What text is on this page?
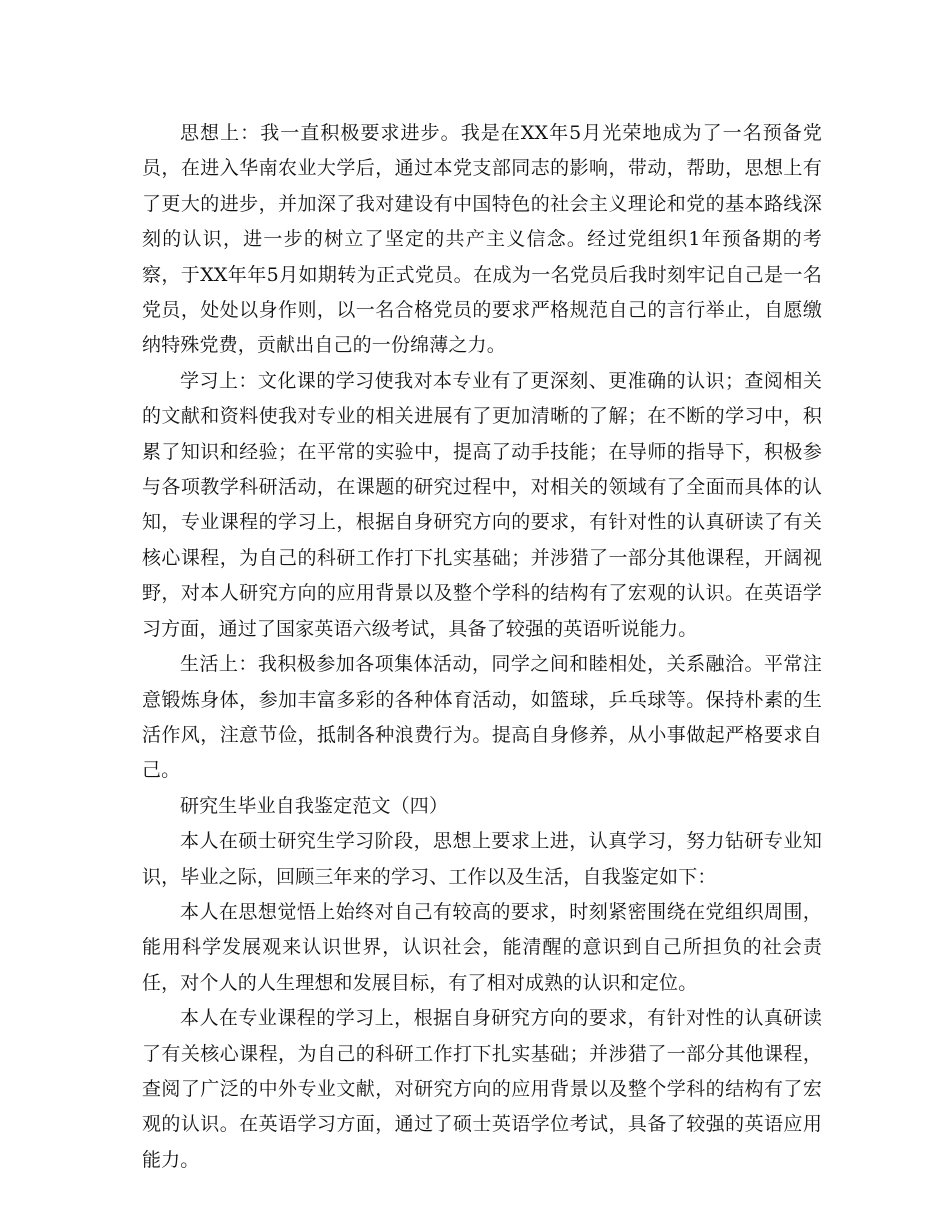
思想上：我一直积极要求进步。我是在XX年5月光荣地成为了一名预备党员，在进入华南农业大学后，通过本党支部同志的影响，带动，帮助，思想上有了更大的进步，并加深了我对建设有中国特色的社会主义理论和党的基本路线深刻的认识，进一步的树立了坚定的共产主义信念。经过党组织1年预备期的考察，于XX年年5月如期转为正式党员。在成为一名党员后我时刻牢记自己是一名党员，处处以身作则，以一名合格党员的要求严格规范自己的言行举止，自愿缴纳特殊党费，贡献出自己的一份绵薄之力。

学习上：文化课的学习使我对本专业有了更深刻、更准确的认识；查阅相关的文献和资料使我对专业的相关进展有了更加清晰的了解；在不断的学习中，积累了知识和经验；在平常的实验中，提高了动手技能；在导师的指导下，积极参与各项教学科研活动，在课题的研究过程中，对相关的领域有了全面而具体的认知，专业课程的学习上，根据自身研究方向的要求，有针对性的认真研读了有关核心课程，为自己的科研工作打下扎实基础；并涉猎了一部分其他课程，开阔视野，对本人研究方向的应用背景以及整个学科的结构有了宏观的认识。在英语学习方面，通过了国家英语六级考试，具备了较强的英语听说能力。

生活上：我积极参加各项集体活动，同学之间和睦相处，关系融洽。平常注意锻炼身体，参加丰富多彩的各种体育活动，如篮球，乒乓球等。保持朴素的生活作风，注意节俭，抵制各种浪费行为。提高自身修养，从小事做起严格要求自己。

研究生毕业自我鉴定范文（四）

本人在硕士研究生学习阶段，思想上要求上进，认真学习，努力钻研专业知识，毕业之际，回顾三年来的学习、工作以及生活，自我鉴定如下：

本人在思想觉悟上始终对自己有较高的要求，时刻紧密围绕在党组织周围，能用科学发展观来认识世界，认识社会，能清醒的意识到自己所担负的社会责任，对个人的人生理想和发展目标，有了相对成熟的认识和定位。

本人在专业课程的学习上，根据自身研究方向的要求，有针对性的认真研读了有关核心课程，为自己的科研工作打下扎实基础；并涉猎了一部分其他课程，查阅了广泛的中外专业文献，对研究方向的应用背景以及整个学科的结构有了宏观的认识。在英语学习方面，通过了硕士英语学位考试，具备了较强的英语应用能力。
